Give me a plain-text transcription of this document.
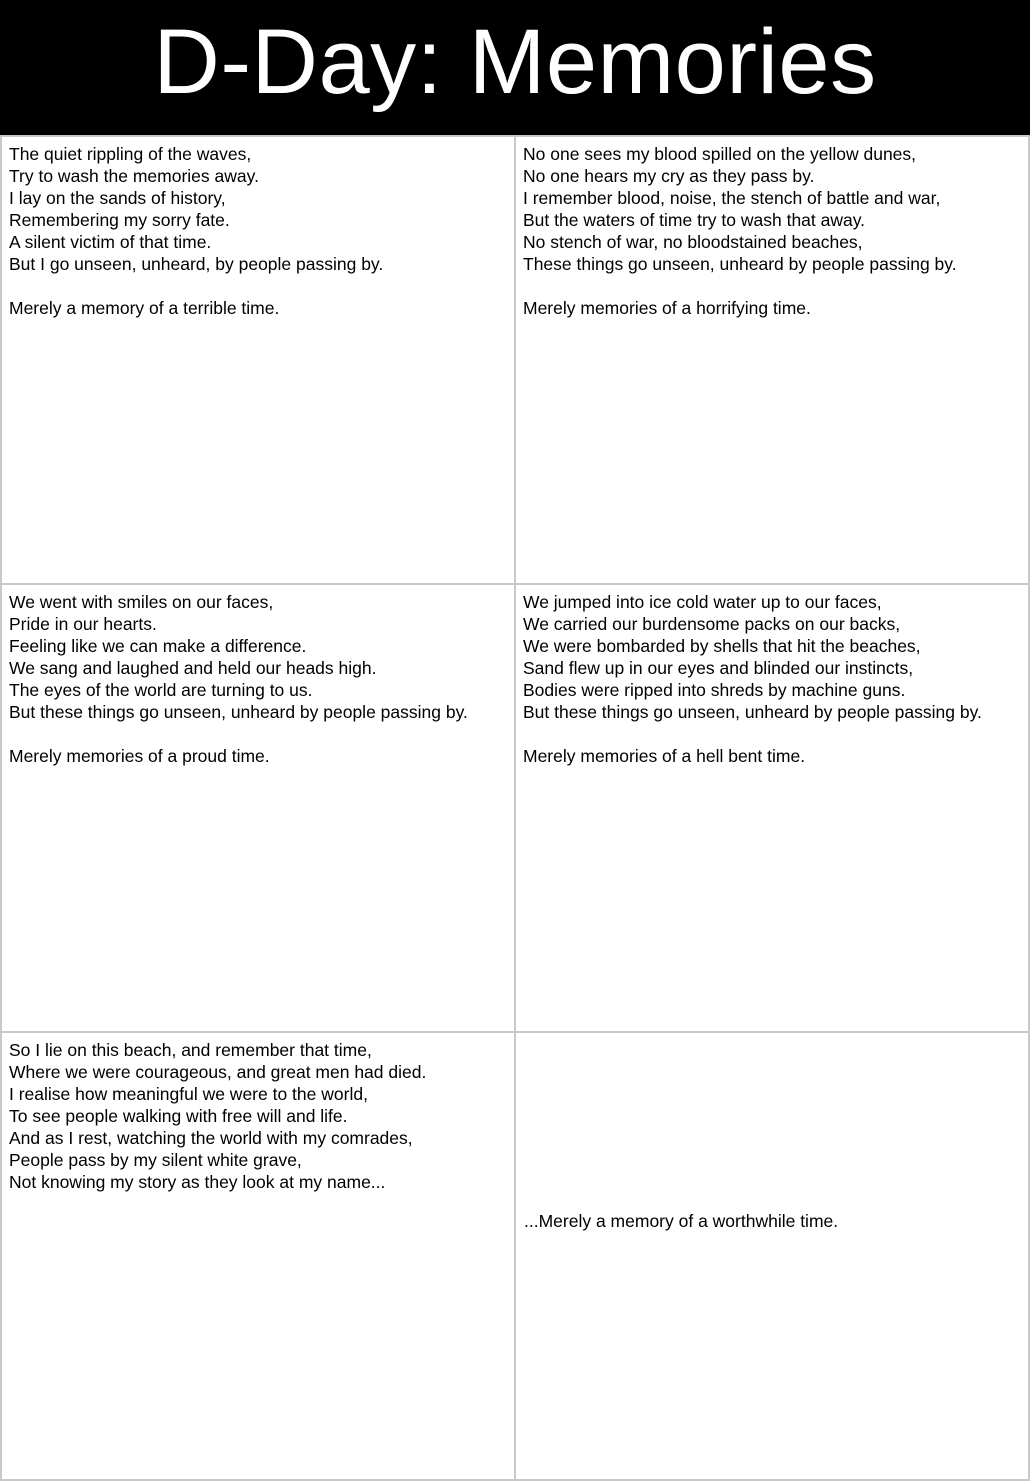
D-Day: Memories
The quiet rippling of the waves,
Try to wash the memories away.
I lay on the sands of history,
Remembering my sorry fate.
A silent victim of that time.
But I go unseen, unheard, by people passing by.
Merely a memory of a terrible time.
No one sees my blood spilled on the yellow dunes,
No one hears my cry as they pass by.
I remember blood, noise, the stench of battle and war,
But the waters of time try to wash that away.
No stench of war, no bloodstained beaches,
These things go unseen, unheard by people passing by.
Merely memories of a horrifying time.
We went with smiles on our faces,
Pride in our hearts.
Feeling like we can make a difference.
We sang and laughed and held our heads high.
The eyes of the world are turning to us.
But these things go unseen, unheard by people passing by.
Merely memories of a proud time.
We jumped into ice cold water up to our faces,
We carried our burdensome packs on our backs,
We were bombarded by shells that hit the beaches,
Sand flew up in our eyes and blinded our instincts,
Bodies were ripped into shreds by machine guns.
But these things go unseen, unheard by people passing by.
Merely memories of a hell bent time.
So I lie on this beach, and remember that time,
Where we were courageous, and great men had died.
I realise how meaningful we were to the world,
To see people walking with free will and life.
And as I rest, watching the world with my comrades,
People pass by my silent white grave,
Not knowing my story as they look at my name...
...Merely a memory of a worthwhile time.
